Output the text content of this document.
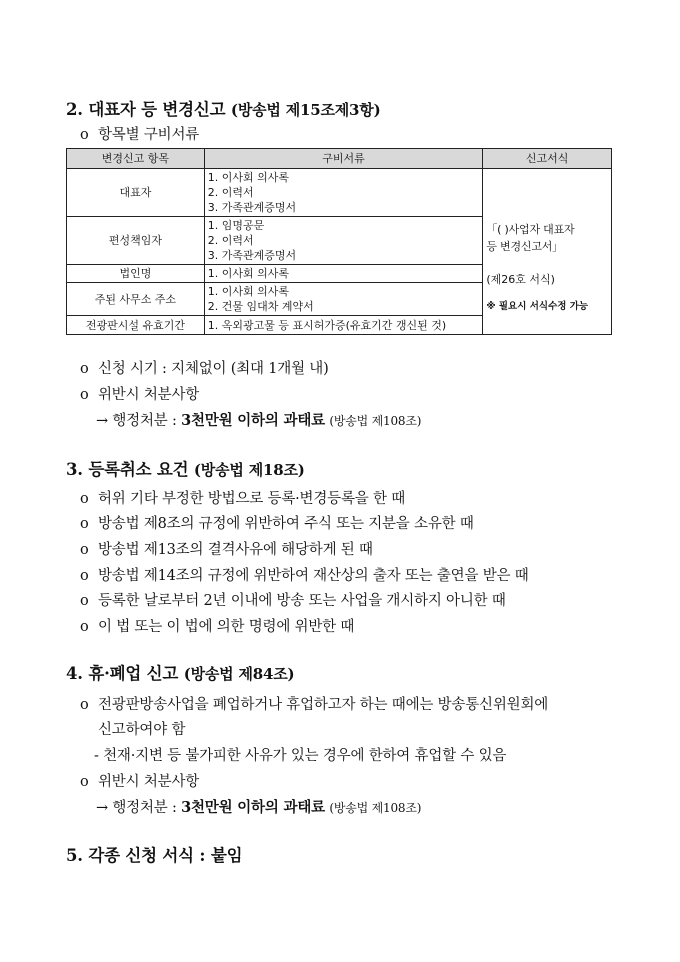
2. 대표자 등 변경신고 (방송법 제15조제3항)
o 항목별 구비서류
변경신고 항목	구비서류	신고서식
대표자	1. 이사회 의사록
2. 이력서
3. 가족관계증명서	「( )사업자 대표자
등 변경신고서」
(제26호 서식)
※ 필요시 서식수정 가능

편성책임자	1. 임명공문
2. 이력서
3. 가족관계증명서	

법인명	1. 이사회 의사록	

주된 사무소 주소	1. 이사회 의사록
2. 건물 임대차 계약서	

전광판시설 유효기간	1. 옥외광고물 등 표시허가증(유효기간 갱신된 것)	
o 신청 시기 : 지체없이 (최대 1개월 내)
o 위반시 처분사항
→ 행정처분 : 3천만원 이하의 과태료 (방송법 제108조)
3. 등록취소 요건 (방송법 제18조)
o 허위 기타 부정한 방법으로 등록·변경등록을 한 때
o 방송법 제8조의 규정에 위반하여 주식 또는 지분을 소유한 때
o 방송법 제13조의 결격사유에 해당하게 된 때
o 방송법 제14조의 규정에 위반하여 재산상의 출자 또는 출연을 받은 때
o 등록한 날로부터 2년 이내에 방송 또는 사업을 개시하지 아니한 때
o 이 법 또는 이 법에 의한 명령에 위반한 때
4. 휴·폐업 신고 (방송법 제84조)
o 전광판방송사업을 폐업하거나 휴업하고자 하는 때에는 방송통신위원회에
신고하여야 함
- 천재·지변 등 불가피한 사유가 있는 경우에 한하여 휴업할 수 있음
o 위반시 처분사항
→ 행정처분 : 3천만원 이하의 과태료 (방송법 제108조)
5. 각종 신청 서식 : 붙임
